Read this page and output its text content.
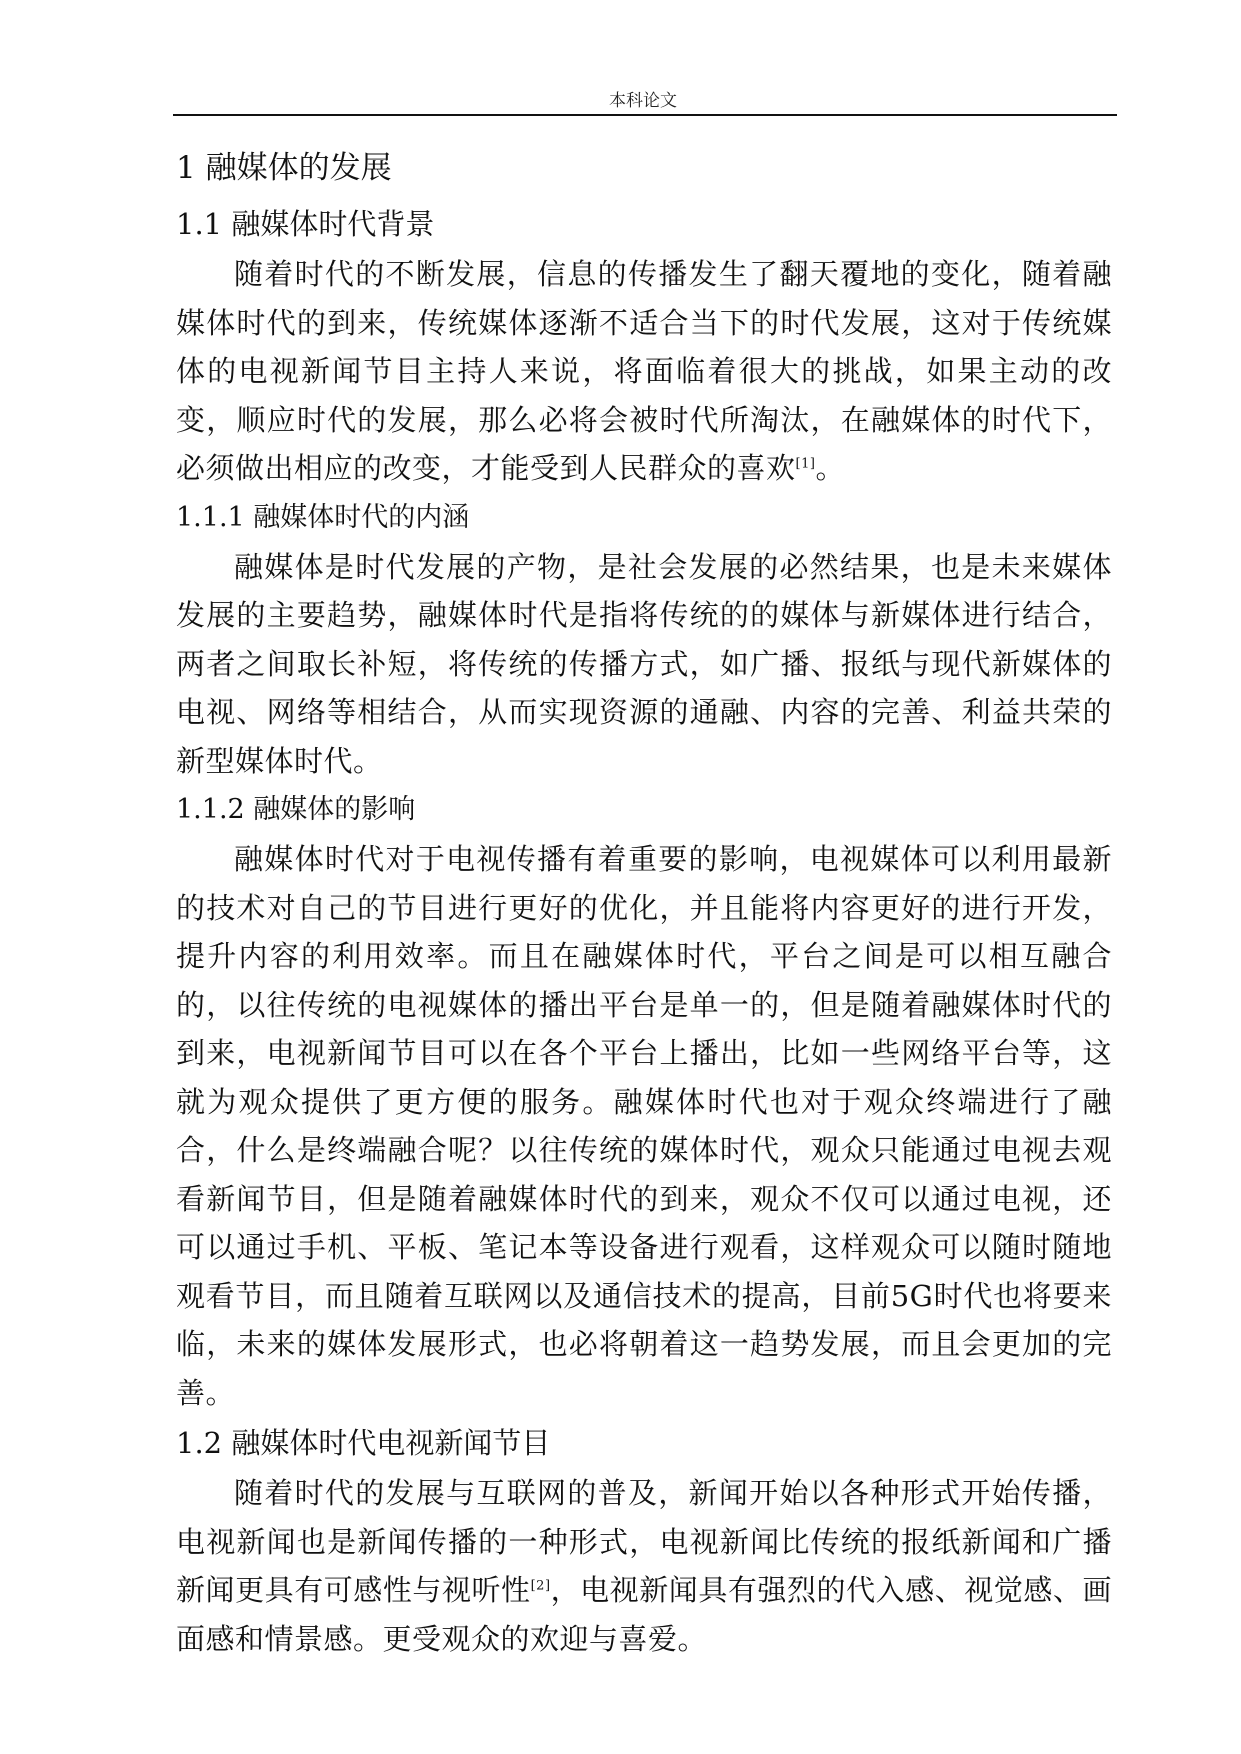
本科论文
1 融媒体的发展
1.1 融媒体时代背景

随着时代的不断发展，信息的传播发生了翻天覆地的变化，随着融媒体时代的到来，传统媒体逐渐不适合当下的时代发展，这对于传统媒体的电视新闻节目主持人来说，将面临着很大的挑战，如果主动的改变，顺应时代的发展，那么必将会被时代所淘汰，在融媒体的时代下，必须做出相应的改变，才能受到人民群众的喜欢[1]。

1.1.1 融媒体时代的内涵

融媒体是时代发展的产物，是社会发展的必然结果，也是未来媒体发展的主要趋势，融媒体时代是指将传统的的媒体与新媒体进行结合，两者之间取长补短，将传统的传播方式，如广播、报纸与现代新媒体的电视、网络等相结合，从而实现资源的通融、内容的完善、利益共荣的新型媒体时代。

1.1.2 融媒体的影响

融媒体时代对于电视传播有着重要的影响，电视媒体可以利用最新的技术对自己的节目进行更好的优化，并且能将内容更好的进行开发，提升内容的利用效率。而且在融媒体时代，平台之间是可以相互融合的，以往传统的电视媒体的播出平台是单一的，但是随着融媒体时代的到来，电视新闻节目可以在各个平台上播出，比如一些网络平台等，这就为观众提供了更方便的服务。融媒体时代也对于观众终端进行了融合，什么是终端融合呢？以往传统的媒体时代，观众只能通过电视去观看新闻节目，但是随着融媒体时代的到来，观众不仅可以通过电视，还可以通过手机、平板、笔记本等设备进行观看，这样观众可以随时随地观看节目，而且随着互联网以及通信技术的提高，目前5G时代也将要来临，未来的媒体发展形式，也必将朝着这一趋势发展，而且会更加的完善。

1.2 融媒体时代电视新闻节目

随着时代的发展与互联网的普及，新闻开始以各种形式开始传播，电视新闻也是新闻传播的一种形式，电视新闻比传统的报纸新闻和广播新闻更具有可感性与视听性[2]，电视新闻具有强烈的代入感、视觉感、画面感和情景感。更受观众的欢迎与喜爱。
